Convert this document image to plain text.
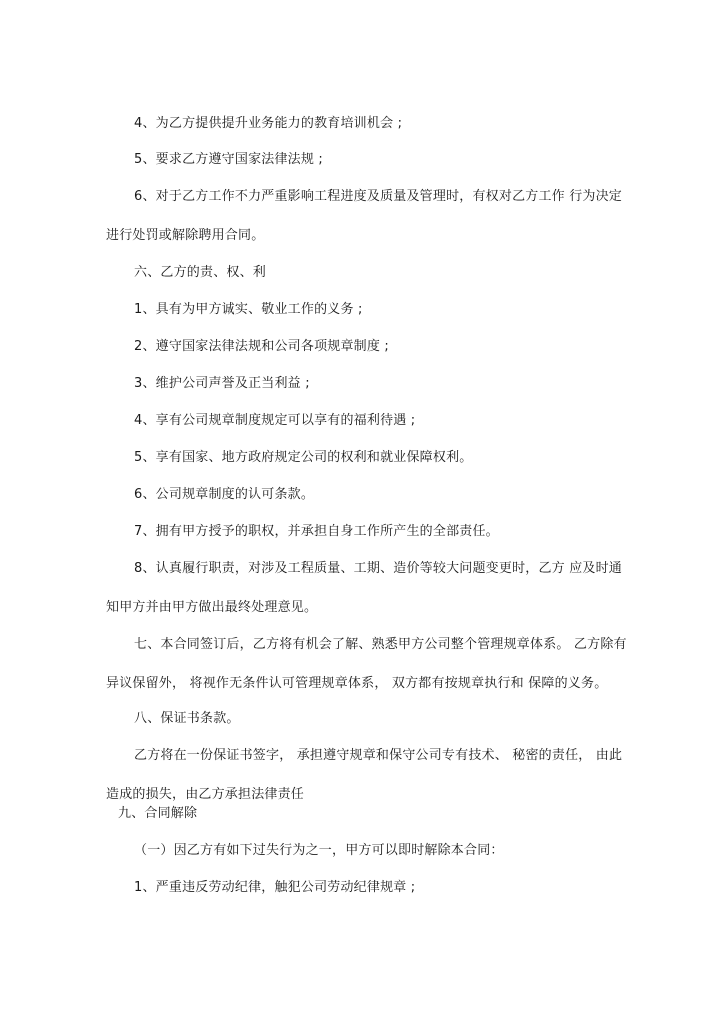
4、为乙方提供提升业务能力的教育培训机会 ;
5、要求乙方遵守国家法律法规 ;
6、对于乙方工作不力严重影响工程进度及质量及管理时，有权对乙方工作 行为决定
进行处罚或解除聘用合同。
六、乙方的责、权、利
1、具有为甲方诚实、敬业工作的义务 ;
2、遵守国家法律法规和公司各项规章制度 ;
3、维护公司声誉及正当利益 ;
4、享有公司规章制度规定可以享有的福利待遇 ;
5、享有国家、地方政府规定公司的权利和就业保障权利。
6、公司规章制度的认可条款。
7、拥有甲方授予的职权，并承担自身工作所产生的全部责任。
8、认真履行职责，对涉及工程质量、工期、造价等较大问题变更时，乙方 应及时通
知甲方并由甲方做出最终处理意见。
七、本合同签订后，乙方将有机会了解、熟悉甲方公司整个管理规章体系。 乙方除有
异议保留外， 将视作无条件认可管理规章体系， 双方都有按规章执行和 保障的义务。
八、保证书条款。
乙方将在一份保证书签字， 承担遵守规章和保守公司专有技术、 秘密的责任， 由此
造成的损失，由乙方承担法律责任
九、合同解除
（一）因乙方有如下过失行为之一，甲方可以即时解除本合同：
1、严重违反劳动纪律，触犯公司劳动纪律规章 ;
